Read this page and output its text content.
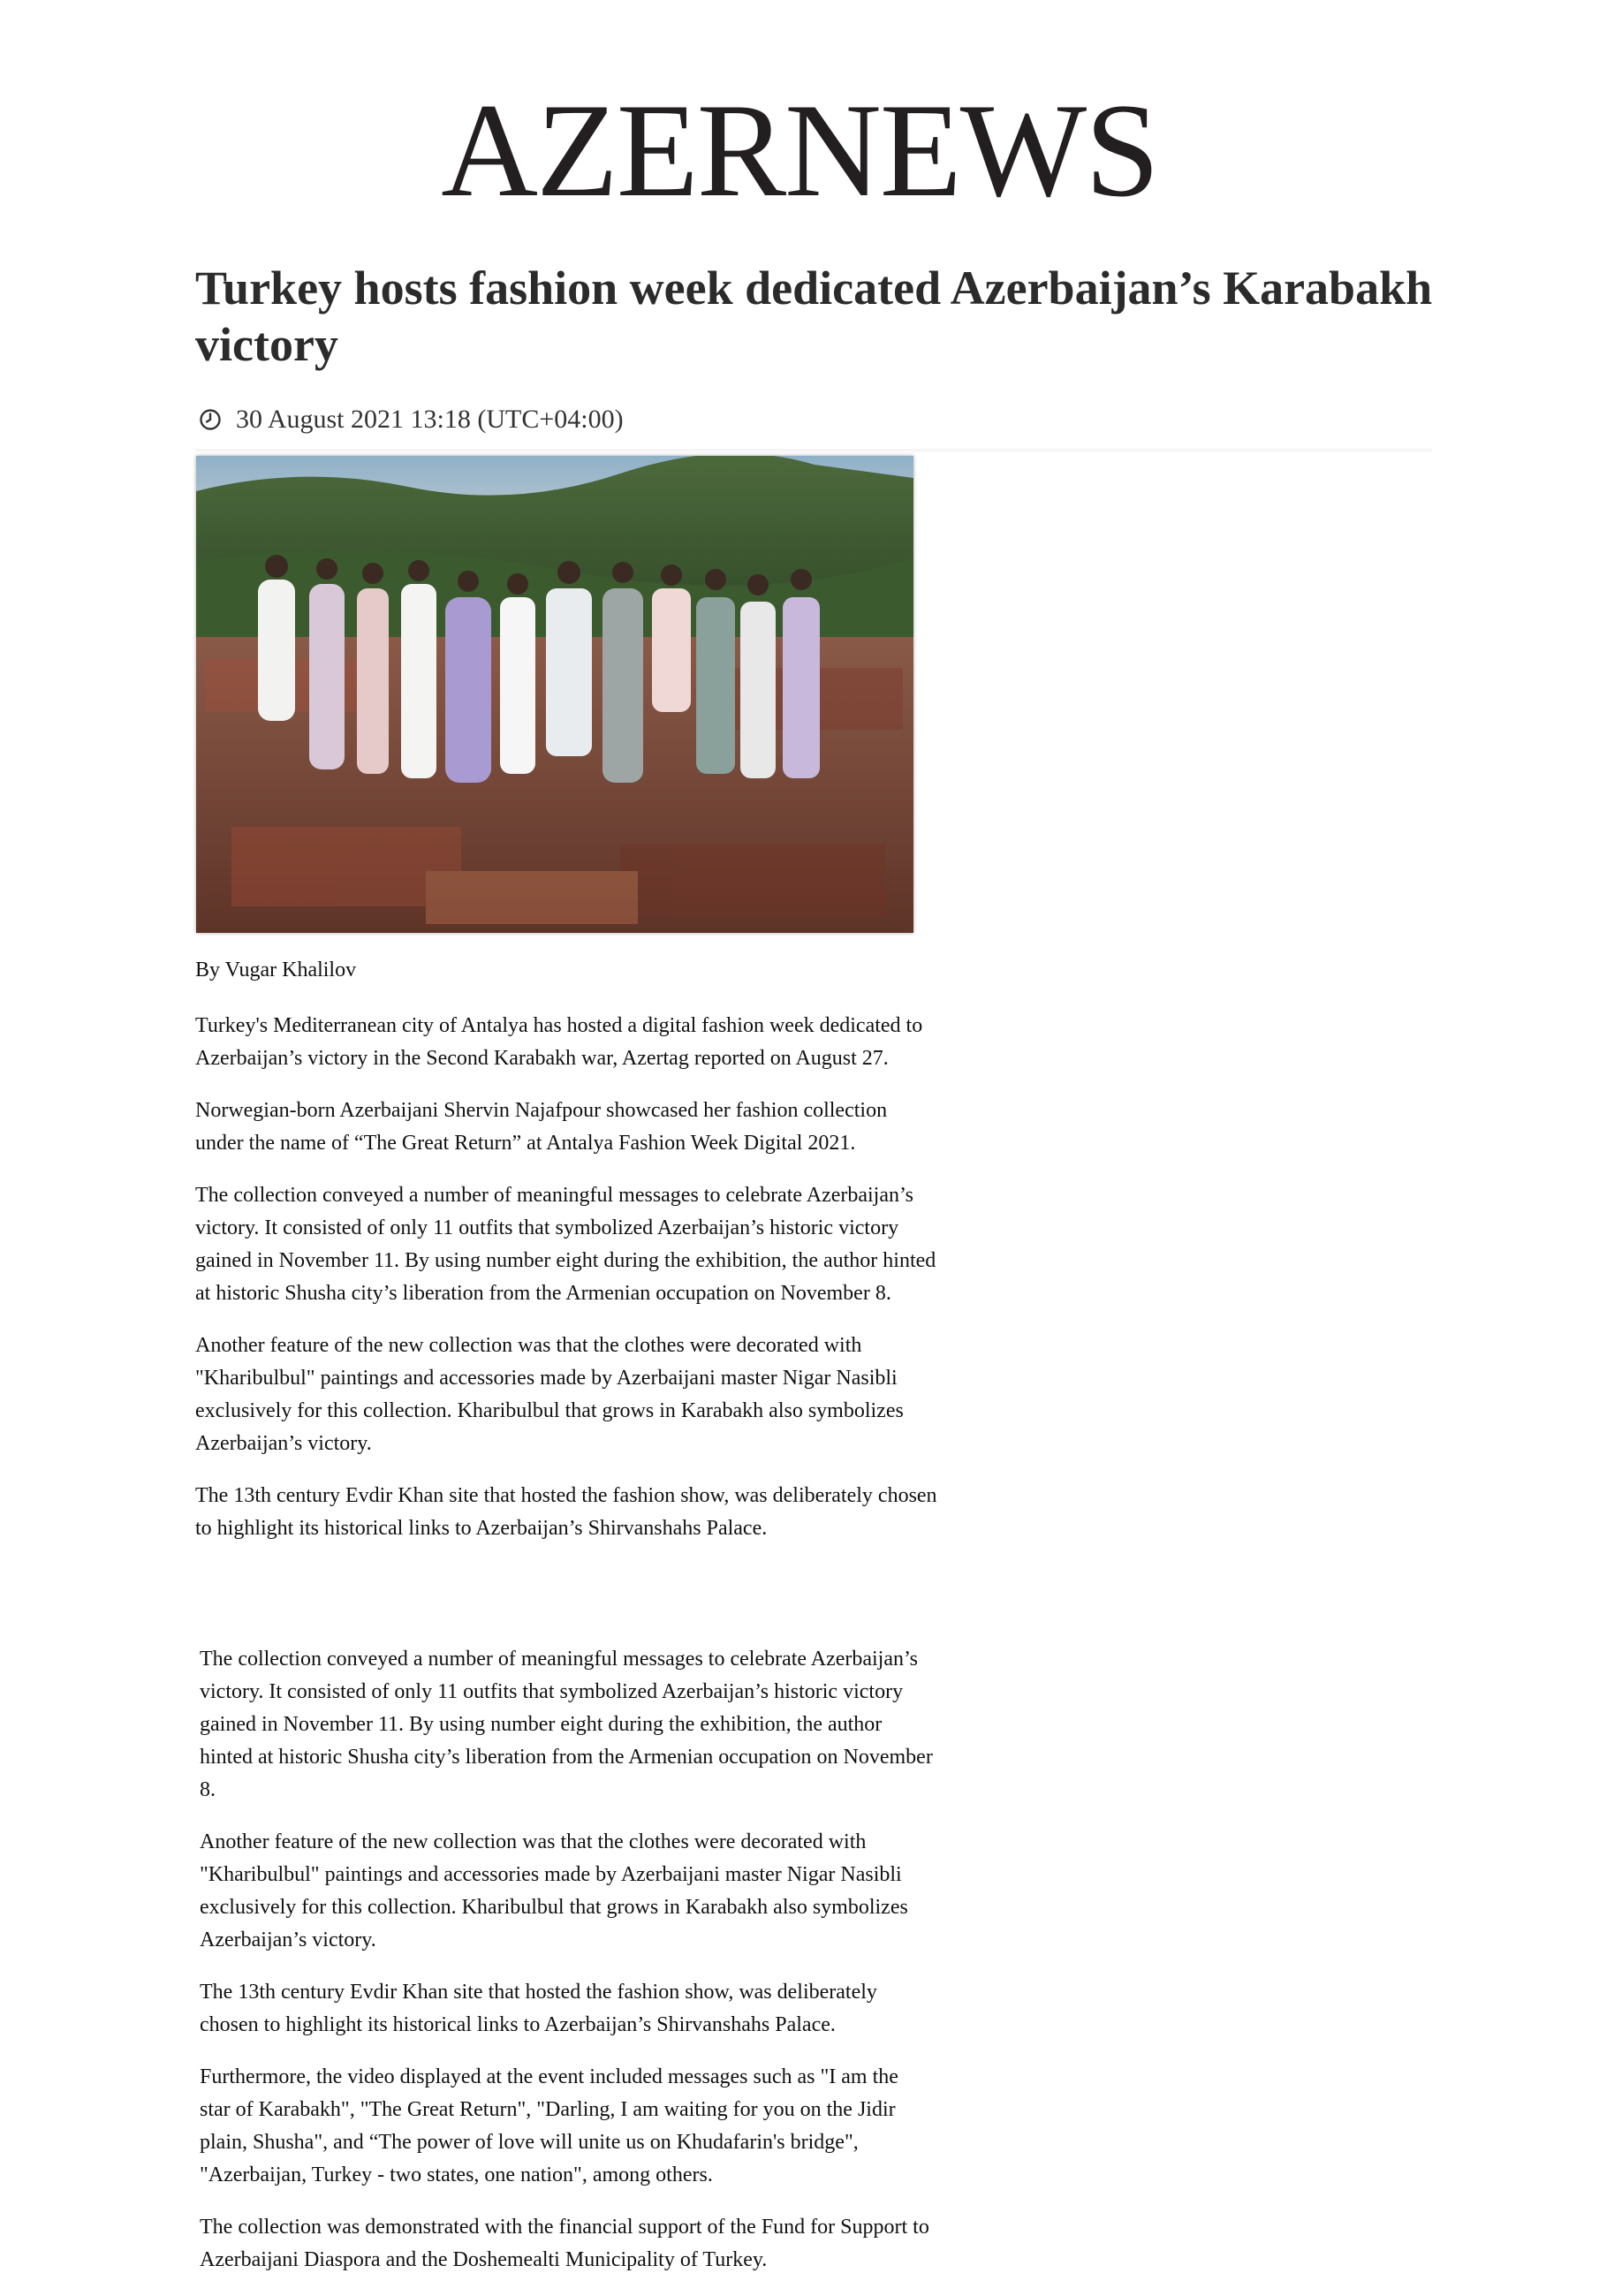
AZERNEWS
Turkey hosts fashion week dedicated Azerbaijan’s Karabakh victory
30 August 2021 13:18 (UTC+04:00)
By Vugar Khalilov

Turkey's Mediterranean city of Antalya has hosted a digital fashion week dedicated to Azerbaijan’s victory in the Second Karabakh war, Azertag reported on August 27.

Norwegian-born Azerbaijani Shervin Najafpour showcased her fashion collection under the name of “The Great Return” at Antalya Fashion Week Digital 2021.

The collection conveyed a number of meaningful messages to celebrate Azerbaijan’s victory. It consisted of only 11 outfits that symbolized Azerbaijan’s historic victory gained in November 11. By using number eight during the exhibition, the author hinted at historic Shusha city’s liberation from the Armenian occupation on November 8.

Another feature of the new collection was that the clothes were decorated with "Kharibulbul" paintings and accessories made by Azerbaijani master Nigar Nasibli exclusively for this collection. Kharibulbul that grows in Karabakh also symbolizes Azerbaijan’s victory.

The 13th century Evdir Khan site that hosted the fashion show, was deliberately chosen to highlight its historical links to Azerbaijan’s Shirvanshahs Palace.

The collection conveyed a number of meaningful messages to celebrate Azerbaijan’s victory. It consisted of only 11 outfits that symbolized Azerbaijan’s historic victory gained in November 11. By using number eight during the exhibition, the author hinted at historic Shusha city’s liberation from the Armenian occupation on November 8.

Another feature of the new collection was that the clothes were decorated with "Kharibulbul" paintings and accessories made by Azerbaijani master Nigar Nasibli exclusively for this collection. Kharibulbul that grows in Karabakh also symbolizes Azerbaijan’s victory.

The 13th century Evdir Khan site that hosted the fashion show, was deliberately chosen to highlight its historical links to Azerbaijan’s Shirvanshahs Palace.

Furthermore, the video displayed at the event included messages such as "I am the star of Karabakh", "The Great Return", "Darling, I am waiting for you on the Jidir plain, Shusha", and “The power of love will unite us on Khudafarin's bridge", "Azerbaijan, Turkey - two states, one nation", among others.

The collection was demonstrated with the financial support of the Fund for Support to Azerbaijani Diaspora and the Doshemealti Municipality of Turkey.
